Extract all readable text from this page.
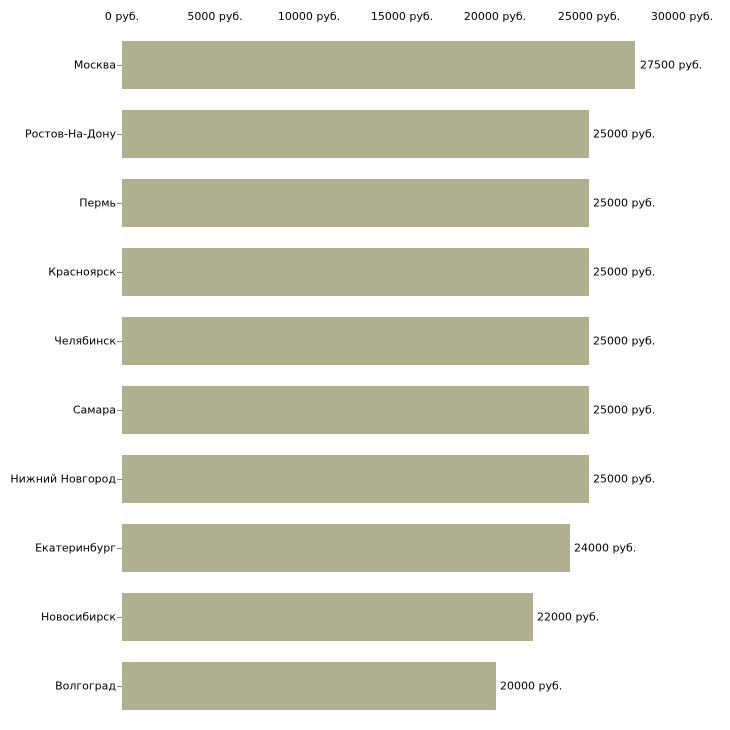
0 руб.	5000 руб.	10000 руб.	15000 руб.	20000 руб.	25000 руб.	30000 руб.
Москва	27500 руб.
Ростов-На-Дону	25000 руб.
Пермь	25000 руб.
Красноярск	25000 руб.
Челябинск	25000 руб.
Самара	25000 руб.
Нижний Новгород	25000 руб.
Екатеринбург	24000 руб.
Новосибирск	22000 руб.
Волгоград	20000 руб.
